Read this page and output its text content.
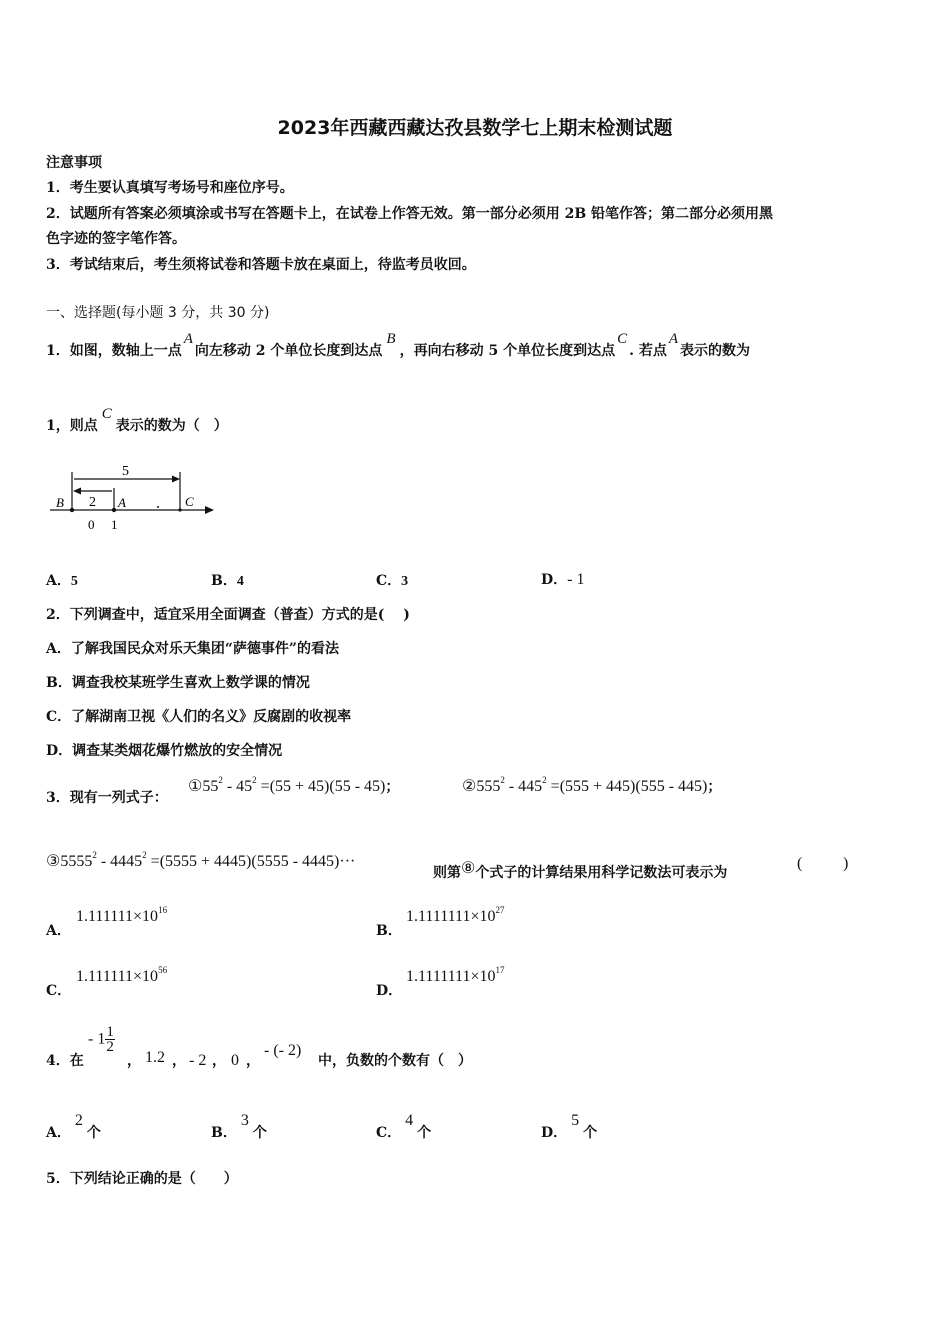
2023年西藏西藏达孜县数学七上期末检测试题
注意事项
1．考生要认真填写考场号和座位序号。
2．试题所有答案必须填涂或书写在答题卡上，在试卷上作答无效。第一部分必须用 2B 铅笔作答；第二部分必须用黑
色字迹的签字笔作答。
3．考试结束后，考生须将试卷和答题卡放在桌面上，待监考员收回。
一、选择题(每小题 3 分，共 30 分)
1．如图，数轴上一点A向左移动 2 个单位长度到达点B，再向右移动 5 个单位长度到达点C. 若点A表示的数为
1，则点C表示的数为（　）
5
2
B	A	C
0 1
A．5	B．4	C．3	D．- 1
2．下列调查中，适宜采用全面调查（普查）方式的是(　 )
A．了解我国民众对乐天集团“萨德事件”的看法
B．调查我校某班学生喜欢上数学课的情况
C．了解湖南卫视《人们的名义》反腐剧的收视率
D．调查某类烟花爆竹燃放的安全情况
3．现有一列式子：
$①55^2 - 45^2 =(55 + 45)(55 - 45)$；	$②555^2 - 445^2 =(555 + 445)(555 - 445)$；
③5555$^2$ - $4445^2 =(5555 + 4445)(5555 - 4445)\cdot\cdot\cdot$
则第⑧个式子的计算结果用科学记数法可表示为
(	)
A．
$1.111111\times 10^{16}$
B．
$1.1111111\times 10^{27}$
C．
$1.111111\times 10^{56}$
D．
$1.1111111\times 10^{17}$
4．在
- $1 \frac{1}{2}$
， 1.2 ， - 2 ， 0 ，
- (- 2)
中，负数的个数有（　）
A．2个	B．3个	C．4个	D．5个
5．下列结论正确的是（　　）
